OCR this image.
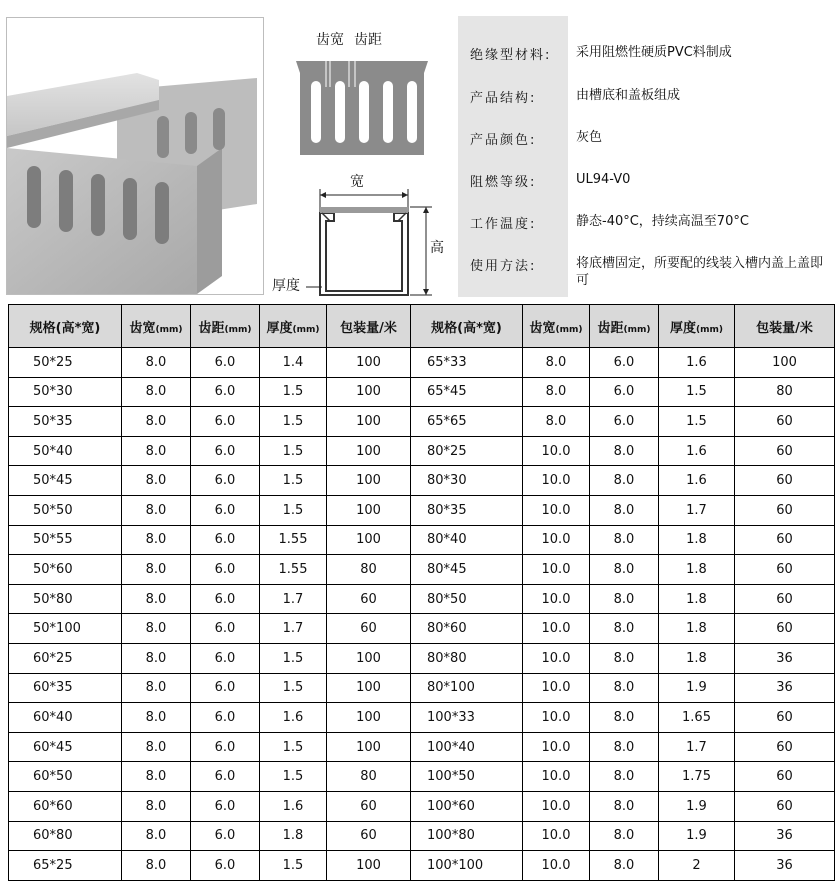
齿宽 齿距
宽
高
厚度
绝缘型材料:	采用阻燃性硬质PVC料制成
产品结构:	由槽底和盖板组成
产品颜色:	灰色
阻燃等级:	UL94-V0
工作温度:	静态-40°C，持续高温至70°C
使用方法:	将底槽固定，所要配的线装入槽内盖上盖即可
规格(高*宽)	齿宽(mm)	齿距(mm)	厚度(mm)	包装量/米	规格(高*宽)	齿宽(mm)	齿距(mm)	厚度(mm)	包装量/米
50*25	8.0	6.0	1.4	100	65*33	8.0	6.0	1.6	100
50*30	8.0	6.0	1.5	100	65*45	8.0	6.0	1.5	80
50*35	8.0	6.0	1.5	100	65*65	8.0	6.0	1.5	60
50*40	8.0	6.0	1.5	100	80*25	10.0	8.0	1.6	60
50*45	8.0	6.0	1.5	100	80*30	10.0	8.0	1.6	60
50*50	8.0	6.0	1.5	100	80*35	10.0	8.0	1.7	60
50*55	8.0	6.0	1.55	100	80*40	10.0	8.0	1.8	60
50*60	8.0	6.0	1.55	80	80*45	10.0	8.0	1.8	60
50*80	8.0	6.0	1.7	60	80*50	10.0	8.0	1.8	60
50*100	8.0	6.0	1.7	60	80*60	10.0	8.0	1.8	60
60*25	8.0	6.0	1.5	100	80*80	10.0	8.0	1.8	36
60*35	8.0	6.0	1.5	100	80*100	10.0	8.0	1.9	36
60*40	8.0	6.0	1.6	100	100*33	10.0	8.0	1.65	60
60*45	8.0	6.0	1.5	100	100*40	10.0	8.0	1.7	60
60*50	8.0	6.0	1.5	80	100*50	10.0	8.0	1.75	60
60*60	8.0	6.0	1.6	60	100*60	10.0	8.0	1.9	60
60*80	8.0	6.0	1.8	60	100*80	10.0	8.0	1.9	36
65*25	8.0	6.0	1.5	100	100*100	10.0	8.0	2	36
